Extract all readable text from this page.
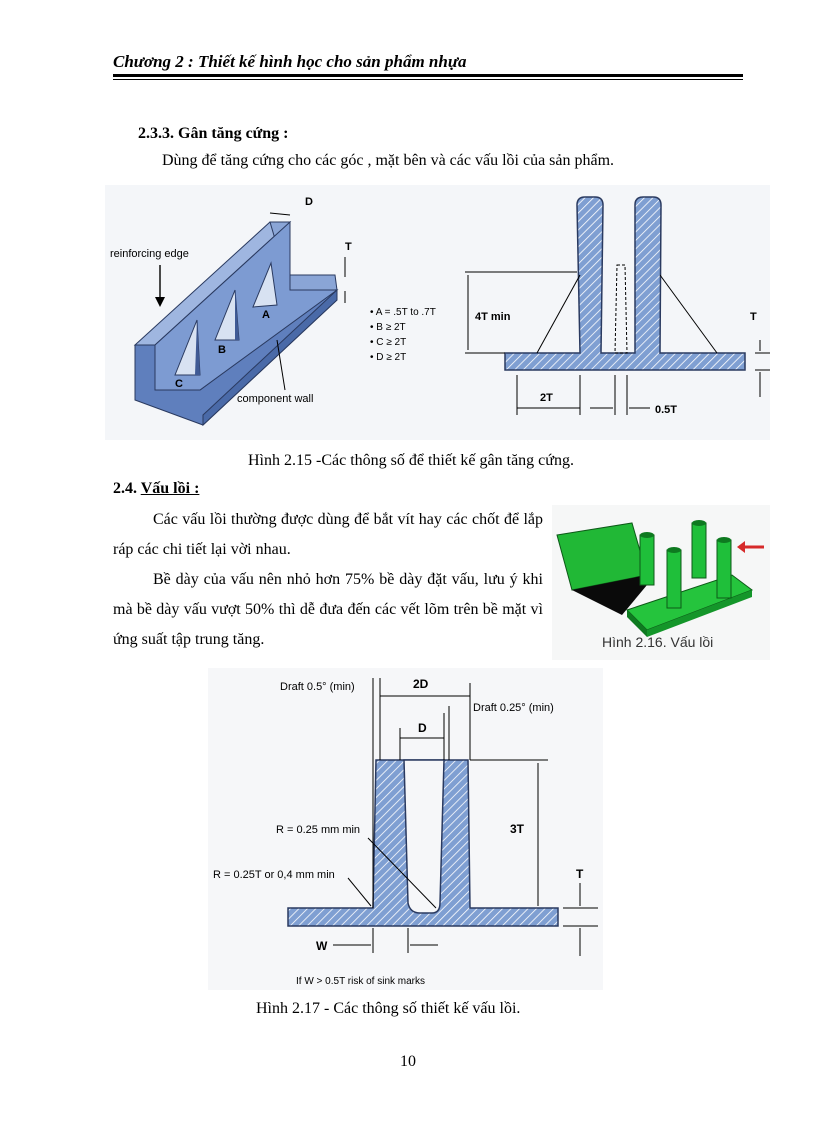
Chương 2 : Thiết kế hình học cho sản phẩm nhựa
2.3.3. Gân tăng cứng :
Dùng để tăng cứng cho các góc , mặt bên và các vấu lồi của sản phẩm.
reinforcing edge
D
T
A
B
C
component wall
• A = .5T to .7T
• B ≥ 2T
• C ≥ 2T
• D ≥ 2T
4T min	T
2T
0.5T
Hình 2.15 -Các thông số để thiết kế gân tăng cứng.
2.4. Vấu lồi :
Các vấu lồi thường được dùng để bắt vít hay các chốt để lắp ráp các chi tiết lại vời nhau.
Bề dày của vấu nên nhỏ hơn 75% bề dày đặt vấu, lưu ý khi mà bề dày vấu vượt 50% thì dễ đưa đến các vết lõm trên bề mặt vì ứng suất tập trung tăng.	Hình 2.16. Vấu lồi
Draft 0.5° (min)	2D
Draft 0.25° (min)
D
R = 0.25 mm min
R = 0.25T or 0,4 mm min
3T
T
W
If W > 0.5T risk of sink marks
Hình 2.17 - Các thông số thiết kế vấu lồi.
10
